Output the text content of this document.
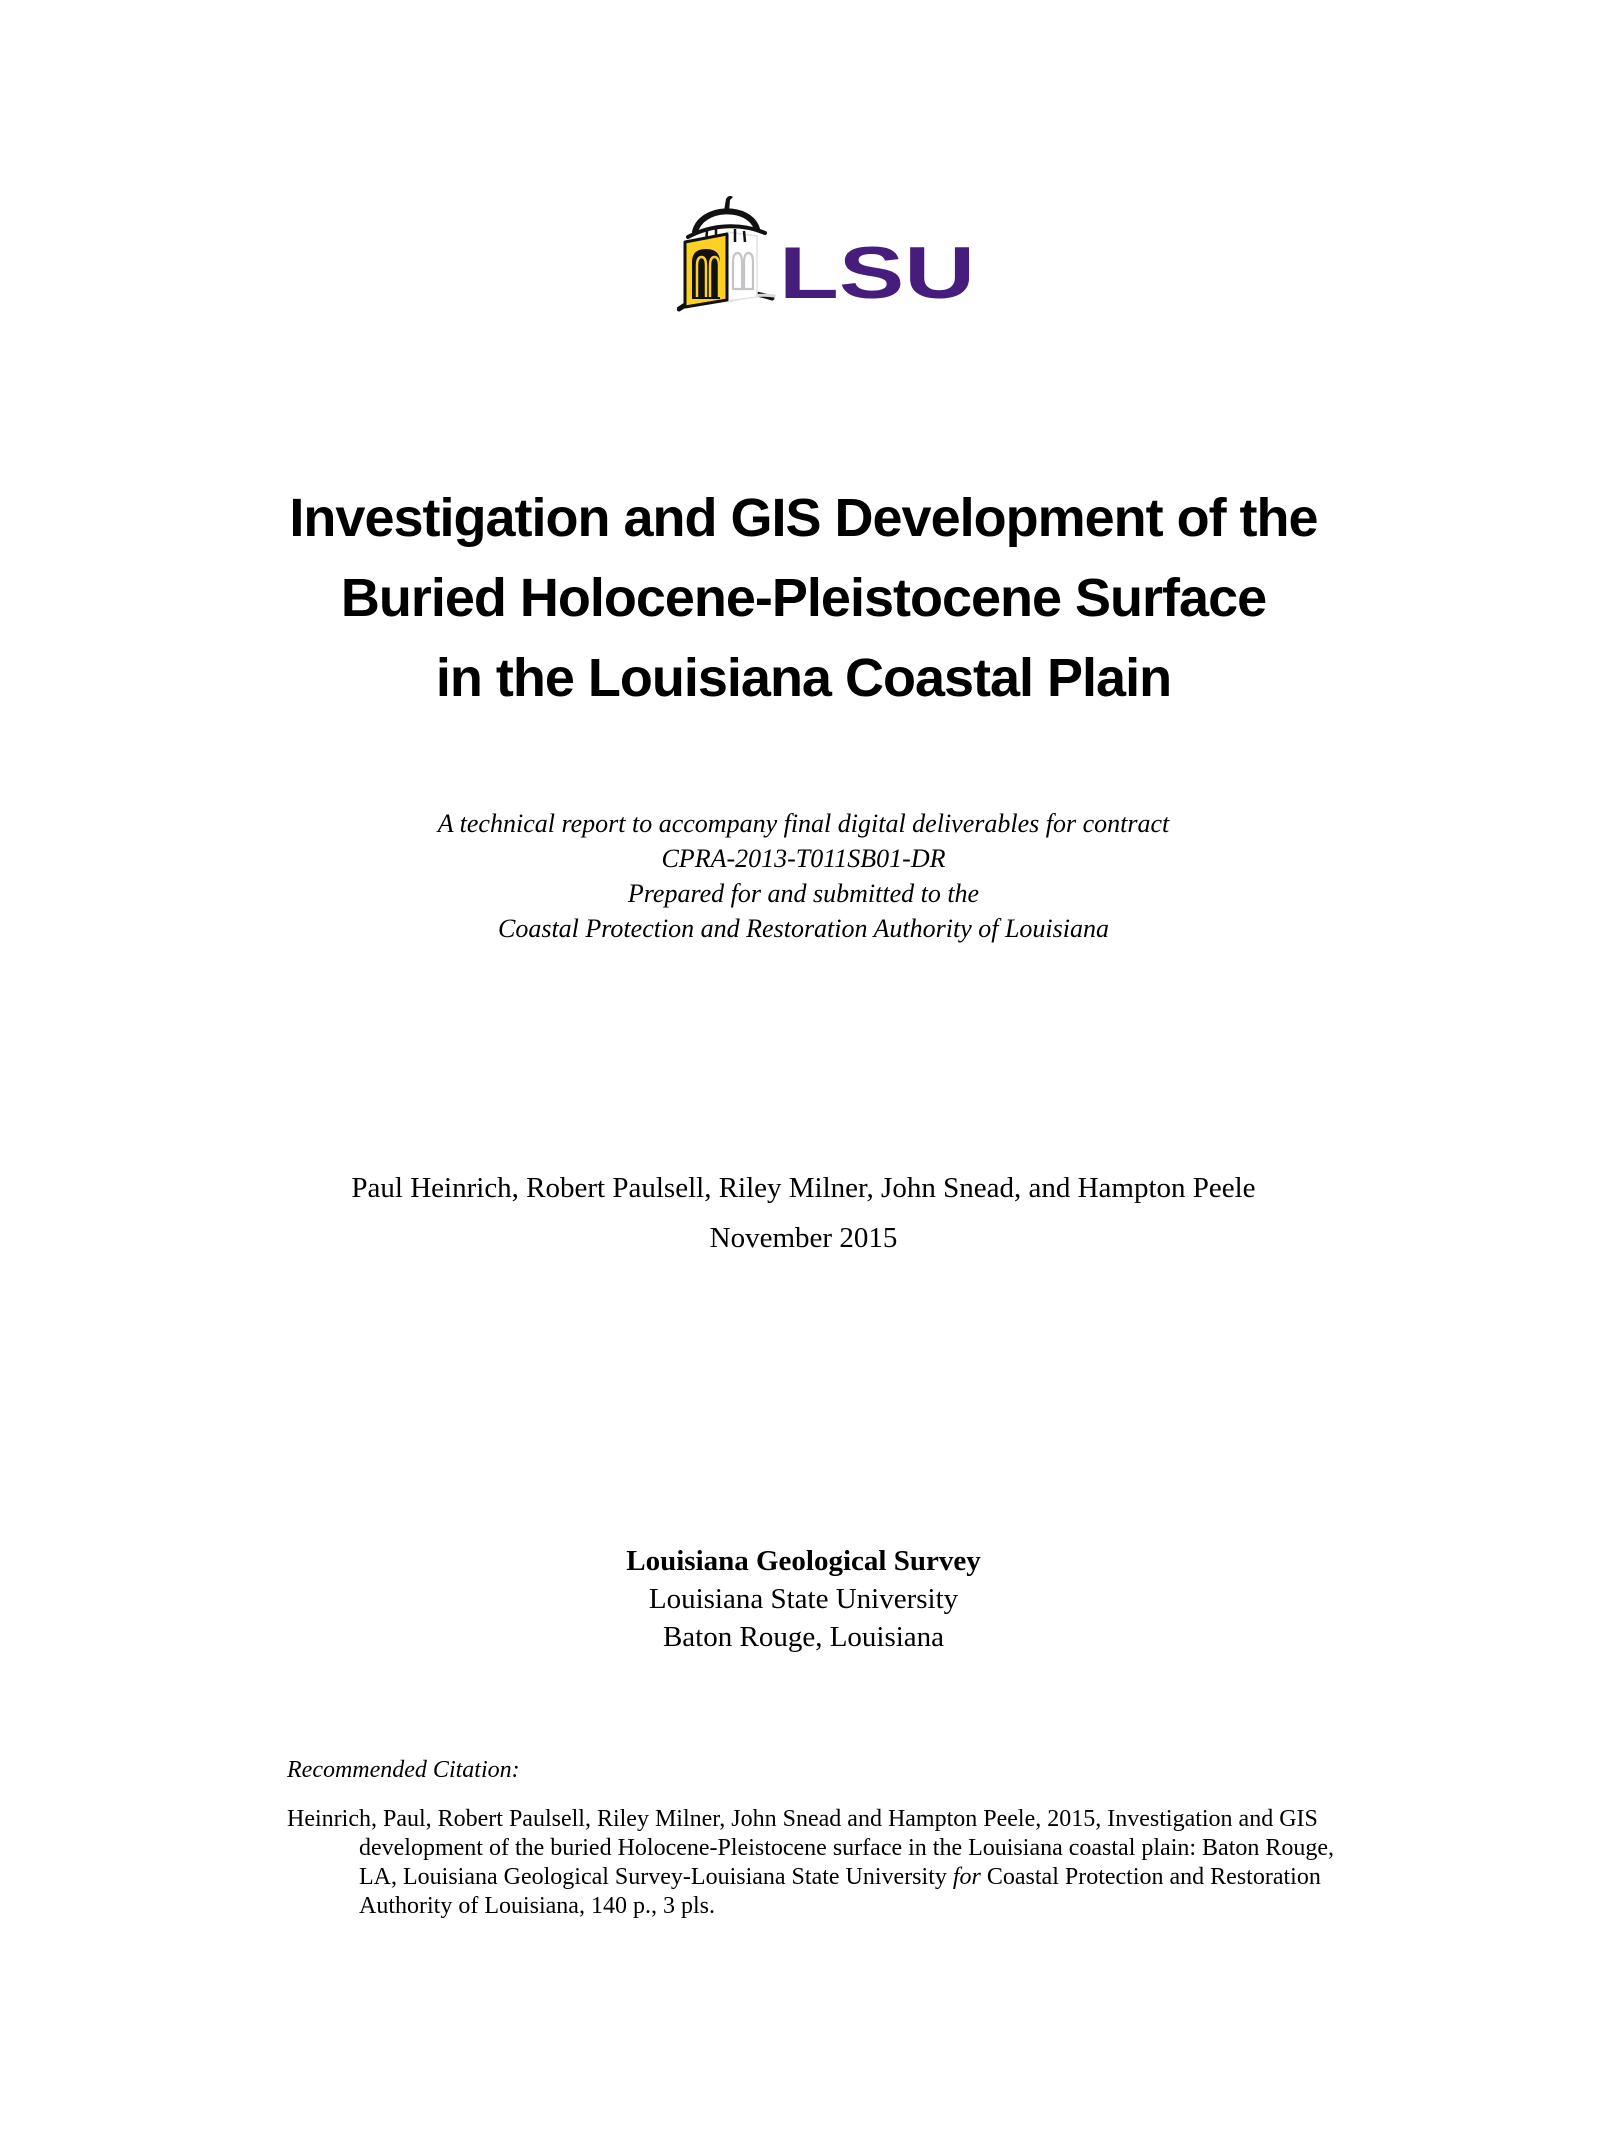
LSU
Investigation and GIS Development of the
Buried Holocene-Pleistocene Surface
in the Louisiana Coastal Plain
A technical report to accompany final digital deliverables for contract
CPRA-2013-T011SB01-DR
Prepared for and submitted to the
Coastal Protection and Restoration Authority of Louisiana
Paul Heinrich, Robert Paulsell, Riley Milner, John Snead, and Hampton Peele
November 2015
Louisiana Geological Survey
Louisiana State University
Baton Rouge, Louisiana
Recommended Citation:

Heinrich, Paul, Robert Paulsell, Riley Milner, John Snead and Hampton Peele, 2015, Investigation and GIS development of the buried Holocene-Pleistocene surface in the Louisiana coastal plain: Baton Rouge, LA, Louisiana Geological Survey-Louisiana State University for Coastal Protection and Restoration Authority of Louisiana, 140 p., 3 pls.
